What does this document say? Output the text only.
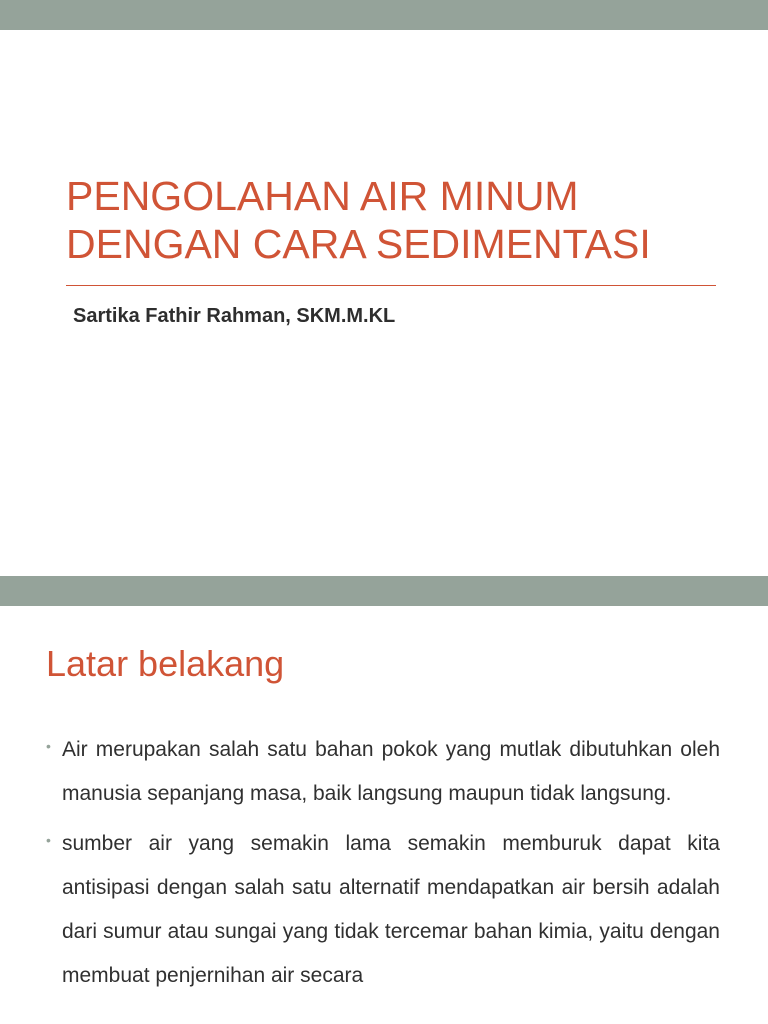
PENGOLAHAN AIR MINUM
DENGAN CARA SEDIMENTASI

Sartika Fathir Rahman, SKM.M.KL

Latar belakang
• Air merupakan salah satu bahan pokok yang mutlak dibutuhkan oleh manusia sepanjang masa, baik langsung maupun tidak langsung.
• sumber air yang semakin lama semakin memburuk dapat kita antisipasi dengan salah satu alternatif mendapatkan air bersih adalah dari sumur atau sungai yang tidak tercemar bahan kimia, yaitu dengan membuat penjernihan air secara
